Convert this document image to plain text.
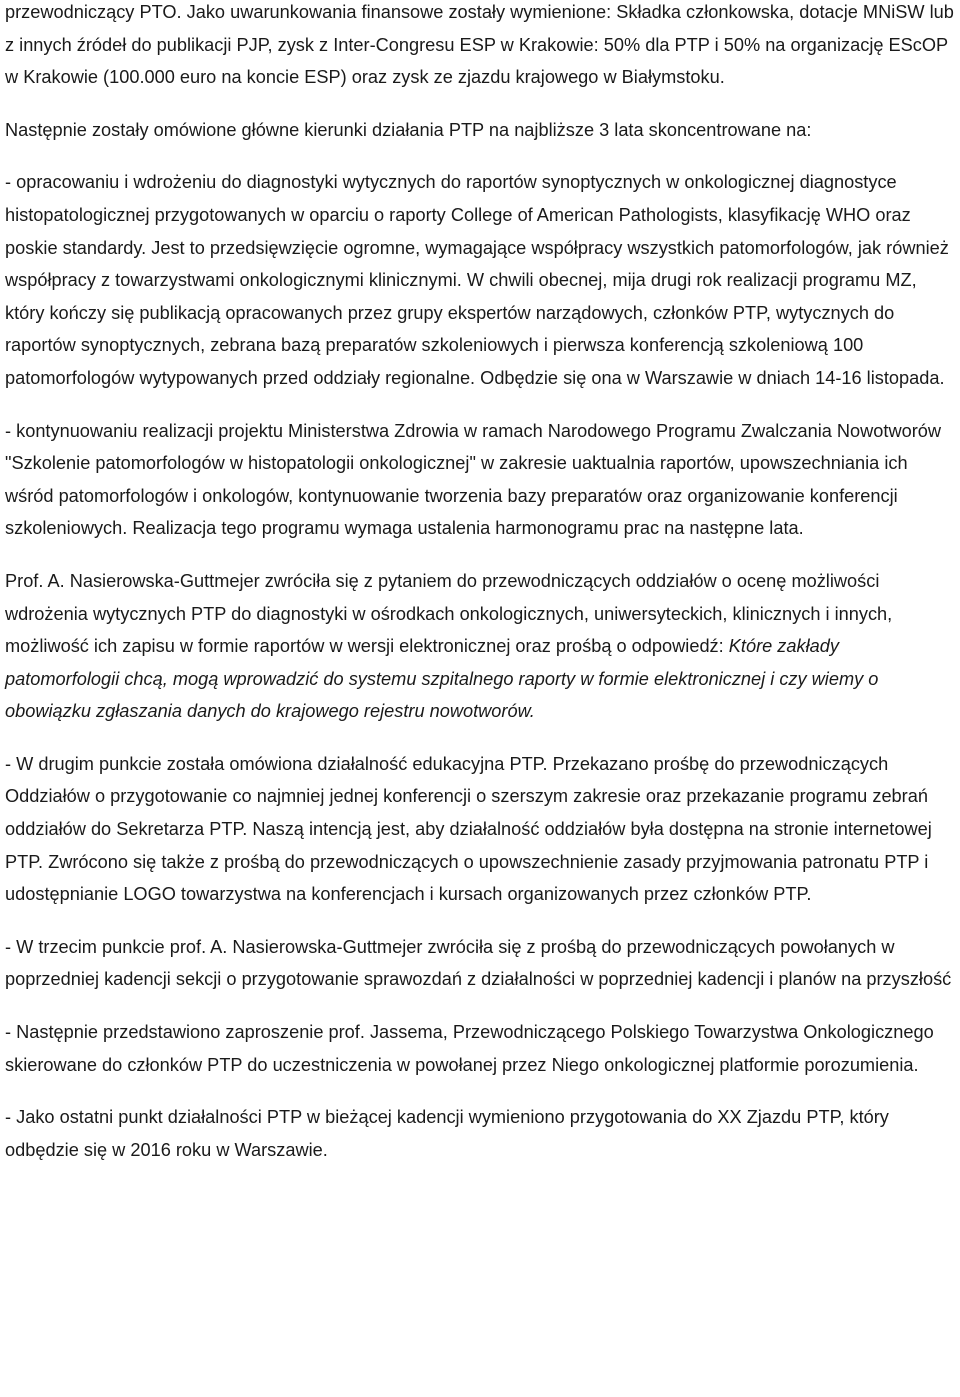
przewodniczący PTO. Jako uwarunkowania finansowe zostały wymienione: Składka członkowska, dotacje MNiSW lub z innych źródeł do publikacji PJP, zysk z Inter-Congresu ESP w Krakowie: 50% dla PTP i 50% na organizację EScOP w Krakowie (100.000 euro na koncie ESP) oraz zysk ze zjazdu krajowego w Białymstoku.

Następnie zostały omówione główne kierunki działania PTP na najbliższe 3 lata skoncentrowane na:

- opracowaniu i wdrożeniu do diagnostyki wytycznych do raportów synoptycznych w onkologicznej diagnostyce histopatologicznej przygotowanych w oparciu o raporty College of American Pathologists, klasyfikację WHO oraz poskie standardy. Jest to przedsięwzięcie ogromne, wymagające współpracy wszystkich patomorfologów, jak również współpracy z towarzystwami onkologicznymi klinicznymi. W chwili obecnej, mija drugi rok realizacji programu MZ, który kończy się publikacją opracowanych przez grupy ekspertów narządowych, członków PTP, wytycznych do raportów synoptycznych, zebrana bazą preparatów szkoleniowych i pierwsza konferencją szkoleniową 100 patomorfologów wytypowanych przed oddziały regionalne. Odbędzie się ona w Warszawie w dniach 14-16 listopada.

- kontynuowaniu realizacji projektu Ministerstwa Zdrowia w ramach Narodowego Programu Zwalczania Nowotworów "Szkolenie patomorfologów w histopatologii onkologicznej" w zakresie uaktualnia raportów, upowszechniania ich wśród patomorfologów i onkologów, kontynuowanie tworzenia bazy preparatów oraz organizowanie konferencji szkoleniowych. Realizacja tego programu wymaga ustalenia harmonogramu prac na następne lata.

Prof. A. Nasierowska-Guttmejer zwróciła się z pytaniem do przewodniczących oddziałów o ocenę możliwości wdrożenia wytycznych PTP do diagnostyki w ośrodkach onkologicznych, uniwersyteckich, klinicznych i innych, możliwość ich zapisu w formie raportów w wersji elektronicznej oraz prośbą o odpowiedź: Które zakłady patomorfologii chcą, mogą wprowadzić do systemu szpitalnego raporty w formie elektronicznej i czy wiemy o obowiązku zgłaszania danych do krajowego rejestru nowotworów.

- W drugim punkcie została omówiona działalność edukacyjna PTP. Przekazano prośbę do przewodniczących Oddziałów o przygotowanie co najmniej jednej konferencji o szerszym zakresie oraz przekazanie programu zebrań oddziałów do Sekretarza PTP. Naszą intencją jest, aby działalność oddziałów była dostępna na stronie internetowej PTP. Zwrócono się także z prośbą do przewodniczących o upowszechnienie zasady przyjmowania patronatu PTP i udostępnianie LOGO towarzystwa na konferencjach i kursach organizowanych przez członków PTP.

- W trzecim punkcie prof. A. Nasierowska-Guttmejer zwróciła się z prośbą do przewodniczących powołanych w poprzedniej kadencji sekcji o przygotowanie sprawozdań z działalności w poprzedniej kadencji i planów na przyszłość

- Następnie przedstawiono zaproszenie prof. Jassema, Przewodniczącego Polskiego Towarzystwa Onkologicznego skierowane do członków PTP do uczestniczenia w powołanej przez Niego onkologicznej platformie porozumienia.

- Jako ostatni punkt działalności PTP w bieżącej kadencji wymieniono przygotowania do XX Zjazdu PTP, który odbędzie się w 2016 roku w Warszawie.
